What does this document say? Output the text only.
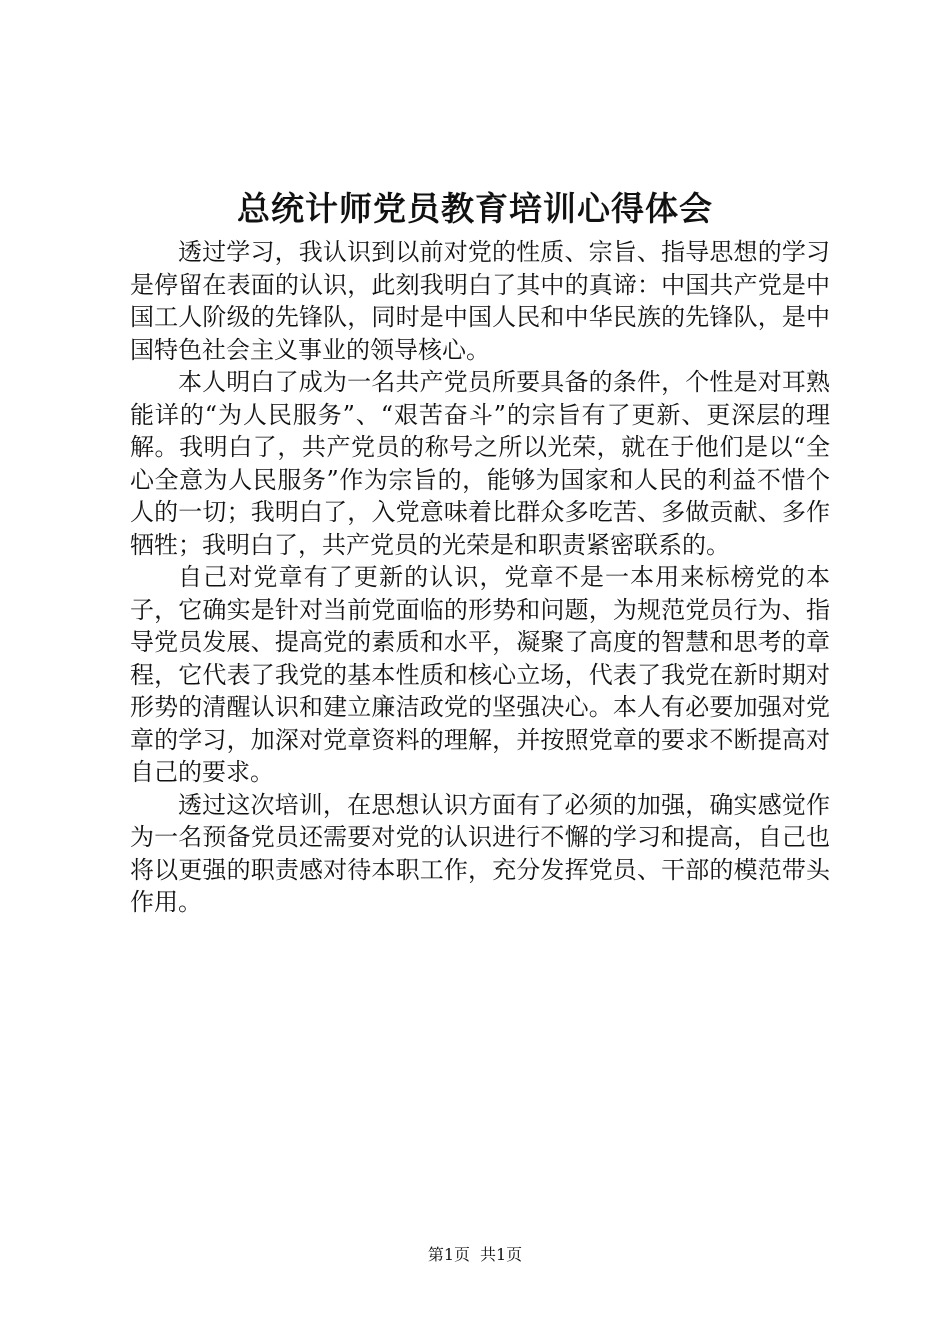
总统计师党员教育培训心得体会

透过学习，我认识到以前对党的性质、宗旨、指导思想的学习是停留在表面的认识，此刻我明白了其中的真谛：中国共产党是中国工人阶级的先锋队，同时是中国人民和中华民族的先锋队，是中国特色社会主义事业的领导核心。

本人明白了成为一名共产党员所要具备的条件，个性是对耳熟能详的“为人民服务”、“艰苦奋斗”的宗旨有了更新、更深层的理解。我明白了，共产党员的称号之所以光荣，就在于他们是以“全心全意为人民服务”作为宗旨的，能够为国家和人民的利益不惜个人的一切；我明白了，入党意味着比群众多吃苦、多做贡献、多作牺牲；我明白了，共产党员的光荣是和职责紧密联系的。

自己对党章有了更新的认识，党章不是一本用来标榜党的本子，它确实是针对当前党面临的形势和问题，为规范党员行为、指导党员发展、提高党的素质和水平，凝聚了高度的智慧和思考的章程，它代表了我党的基本性质和核心立场，代表了我党在新时期对形势的清醒认识和建立廉洁政党的坚强决心。本人有必要加强对党章的学习，加深对党章资料的理解，并按照党章的要求不断提高对自己的要求。

透过这次培训，在思想认识方面有了必须的加强，确实感觉作为一名预备党员还需要对党的认识进行不懈的学习和提高，自己也将以更强的职责感对待本职工作，充分发挥党员、干部的模范带头作用。

第1页 共1页
